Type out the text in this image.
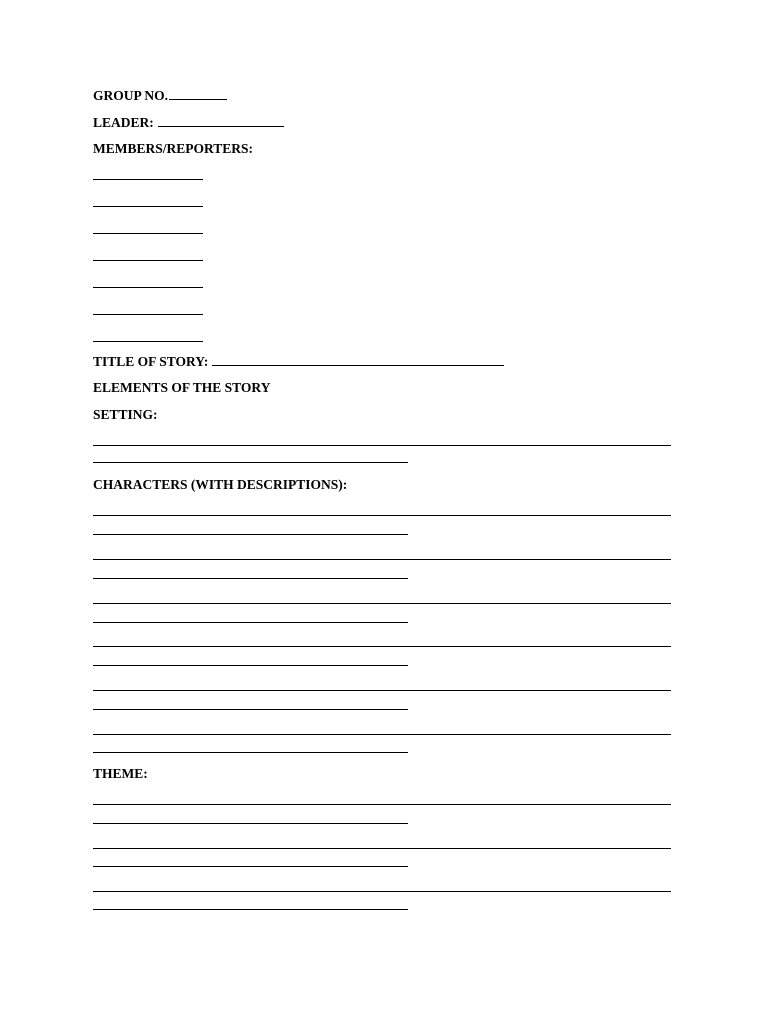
GROUP NO.
LEADER:
MEMBERS/REPORTERS:
TITLE OF STORY:
ELEMENTS OF THE STORY
SETTING:
CHARACTERS (WITH DESCRIPTIONS):
THEME:
